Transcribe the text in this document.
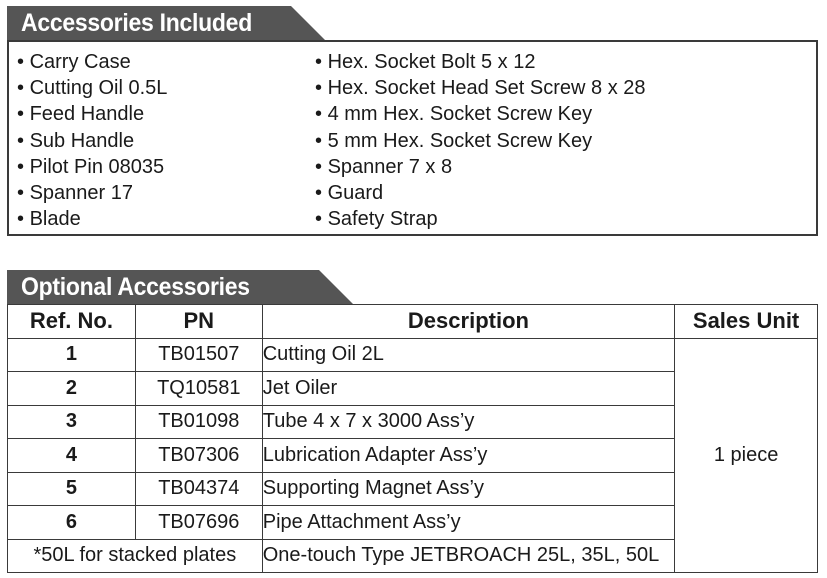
Accessories Included
• Carry Case
• Cutting Oil 0.5L
• Feed Handle
• Sub Handle
• Pilot Pin 08035
• Spanner 17
• Blade
• Hex. Socket Bolt 5 x 12
• Hex. Socket Head Set Screw 8 x 28
• 4 mm Hex. Socket Screw Key
• 5 mm Hex. Socket Screw Key
• Spanner 7 x 8
• Guard
• Safety Strap
Optional Accessories
Ref. No.	PN	Description	Sales Unit
1	TB01507	Cutting Oil 2L	1 piece
2	TQ10581	Jet Oiler	
3	TB01098	Tube 4 x 7 x 3000 Ass’y	
4	TB07306	Lubrication Adapter Ass’y	
5	TB04374	Supporting Magnet Ass’y	
6	TB07696	Pipe Attachment Ass’y	
*50L for stacked plates		One-touch Type JETBROACH 25L, 35L, 50L	
